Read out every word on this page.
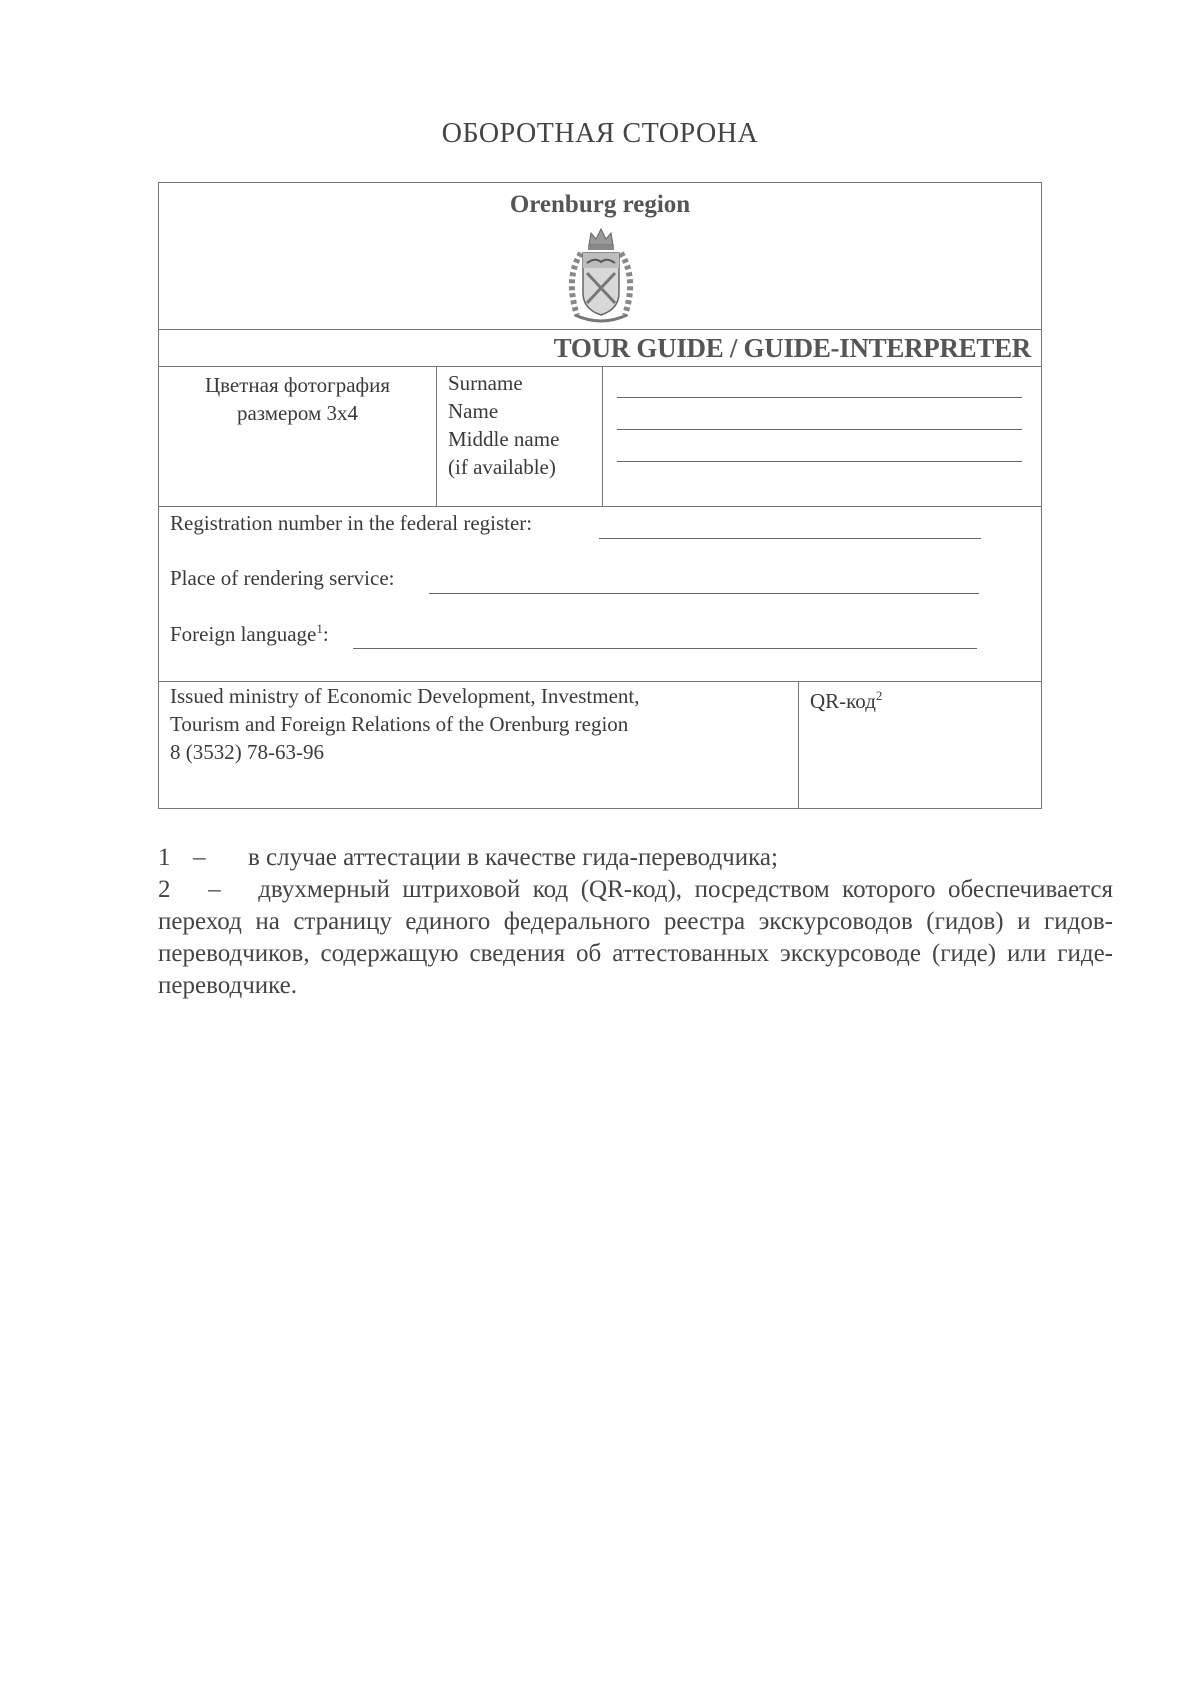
ОБОРОТНАЯ СТОРОНА
Orenburg region
TOUR GUIDE / GUIDE-INTERPRETER
Цветная фотография
размером 3х4
Surname
Name
Middle name
(if available)
Registration number in the federal register:
Place of rendering service:
Foreign language$^1$:
Issued ministry of Economic Development, Investment,
Tourism and Foreign Relations of the Orenburg region
8 (3532) 78-63-96
QR-код$^2$
1 – в случае аттестации в качестве гида-переводчика;
2 – двухмерный штриховой код (QR-код), посредством которого обеспечивается переход на страницу единого федерального реестра экскурсоводов (гидов) и гидов-переводчиков, содержащую сведения об аттестованных экскурсоводе (гиде) или гиде-переводчике.
